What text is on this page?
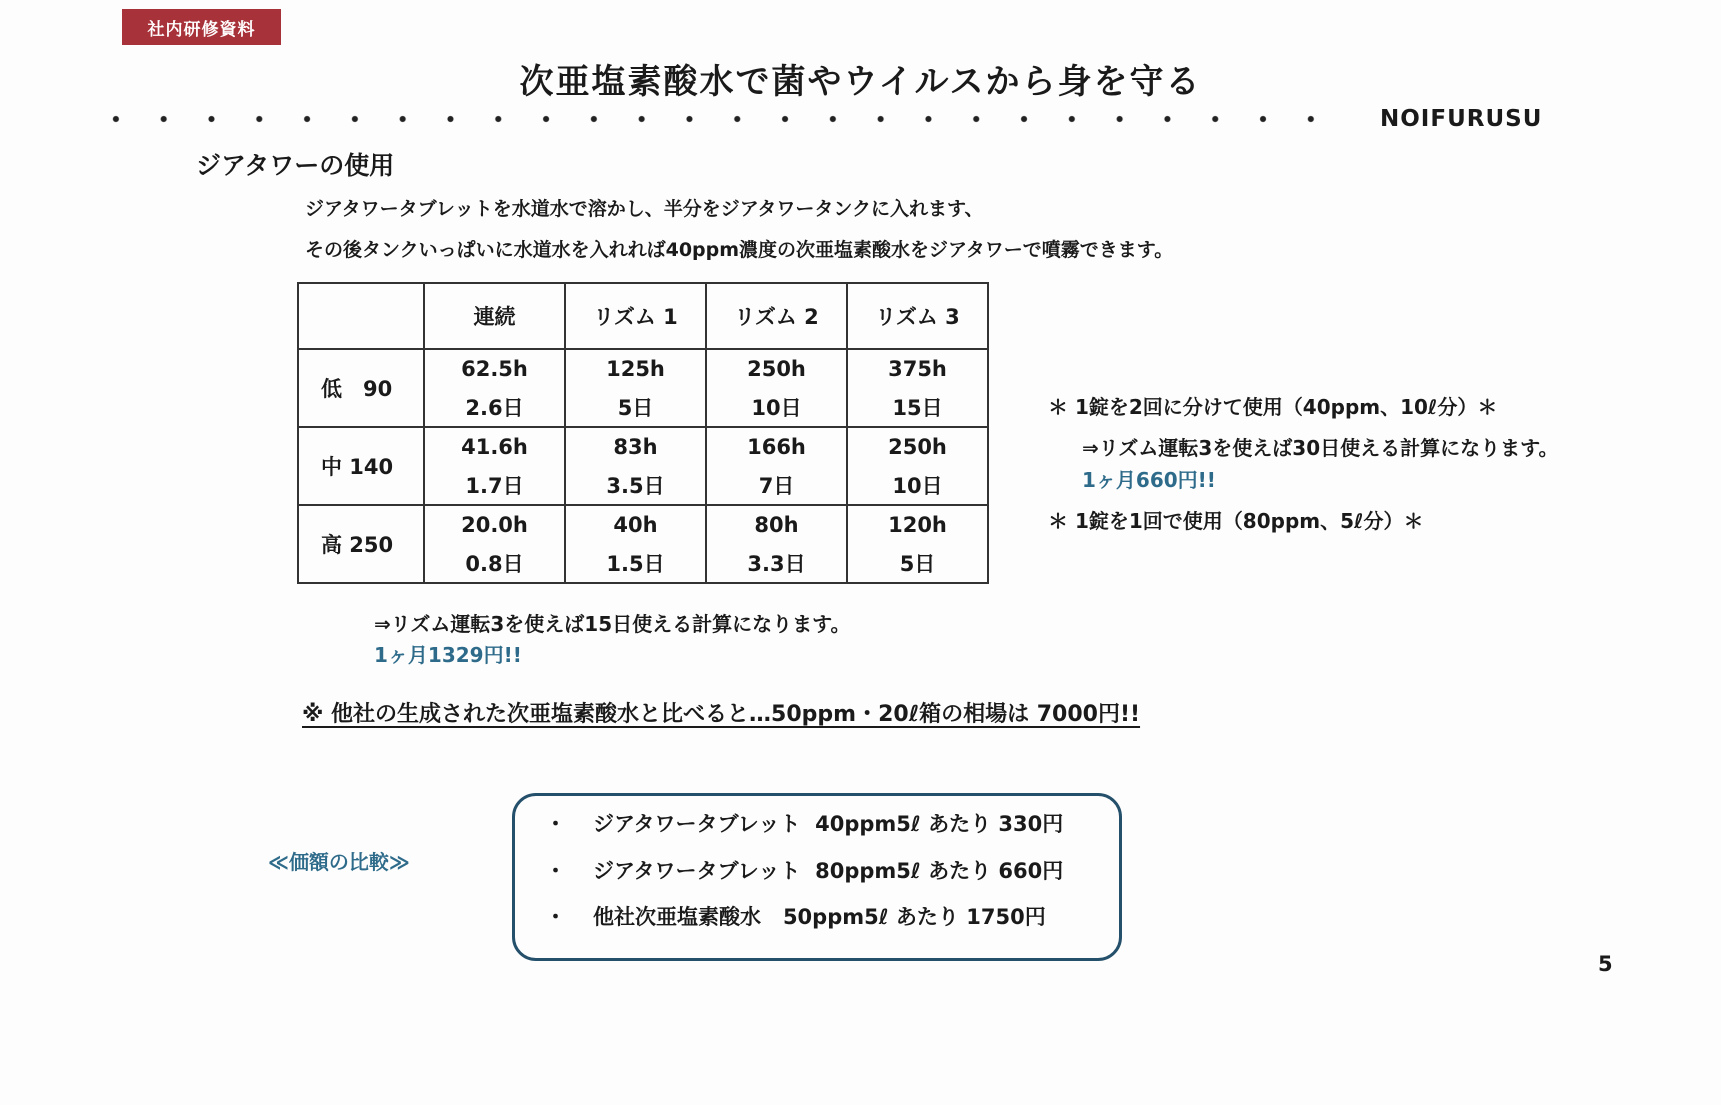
社内研修資料
次亜塩素酸水で菌やウイルスから身を守る
NOIFURUSU
ジアタワーの使用
ジアタワータブレットを水道水で溶かし、半分をジアタワータンクに入れます、
その後タンクいっぱいに水道水を入れれば40ppm濃度の次亜塩素酸水をジアタワーで噴霧できます。
	連続	リズム 1	リズム 2	リズム 3
低　90	62.5h	125h	250h	375h
	2.6日	5日	10日	15日
中 140	41.6h	83h	166h	250h
	1.7日	3.5日	7日	10日
高 250	20.0h	40h	80h	120h
	0.8日	1.5日	3.3日	5日
⇒リズム運転3を使えば15日使える計算になります。
1ヶ月1329円!!
＊ 1錠を2回に分けて使用（40ppm、10ℓ分）＊
⇒リズム運転3を使えば30日使える計算になります。
1ヶ月660円!!
＊ 1錠を1回で使用（80ppm、5ℓ分）＊
※ 他社の生成された次亜塩素酸水と比べると…50ppm・20ℓ箱の相場は 7000円!!
≪価額の比較≫
・ ジアタワータブレット 40ppm5ℓ あたり 330円
・ ジアタワータブレット 80ppm5ℓ あたり 660円
・ 他社次亜塩素酸水 50ppm5ℓ あたり 1750円
5
